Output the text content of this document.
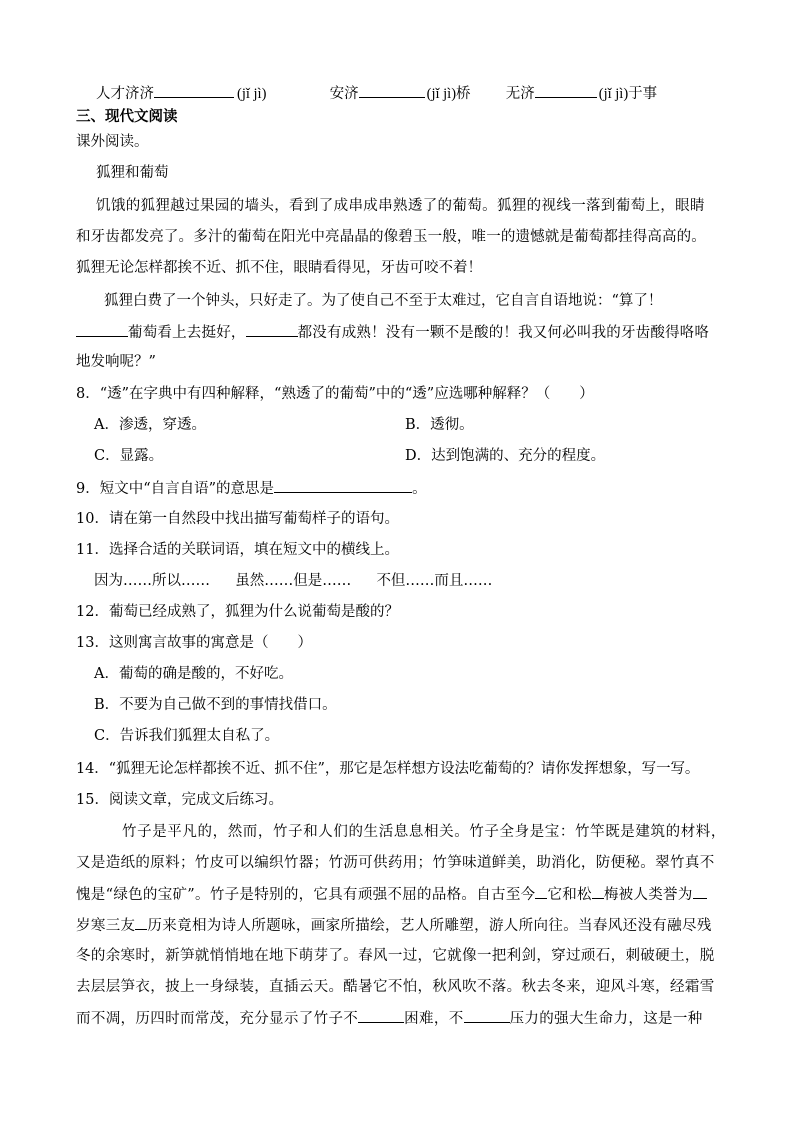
人才济济	(jǐ jì)	安济	(jǐ jì)桥 无济	(jǐ jì)于事
三、现代文阅读
课外阅读。
狐狸和葡萄
饥饿的狐狸越过果园的墙头，看到了成串成串熟透了的葡萄。狐狸的视线一落到葡萄上，眼睛
和牙齿都发亮了。多汁的葡萄在阳光中亮晶晶的像碧玉一般，唯一的遗憾就是葡萄都挂得高高的。
狐狸无论怎样都挨不近、抓不住，眼睛看得见，牙齿可咬不着！
狐狸白费了一个钟头，只好走了。为了使自己不至于太难过，它自言自语地说：“算了！
葡萄看上去挺好，	都没有成熟！没有一颗不是酸的！我又何必叫我的牙齿酸得咯咯
地发响呢？”
8．“透”在字典中有四种解释，“熟透了的葡萄”中的“透”应选哪种解释？（　　）
A．渗透，穿透。	B．透彻。
C．显露。	D．达到饱满的、充分的程度。
9．短文中“自言自语”的意思是	。
10．请在第一自然段中找出描写葡萄样子的语句。
11．选择合适的关联词语，填在短文中的横线上。
因为……所以…… 虽然……但是…… 不但……而且……
12．葡萄已经成熟了，狐狸为什么说葡萄是酸的？
13．这则寓言故事的寓意是（　　）
A．葡萄的确是酸的，不好吃。
B．不要为自己做不到的事情找借口。
C．告诉我们狐狸太自私了。
14．“狐狸无论怎样都挨不近、抓不住”，那它是怎样想方设法吃葡萄的？请你发挥想象，写一写。
15．阅读文章，完成文后练习。
竹子是平凡的，然而，竹子和人们的生活息息相关。竹子全身是宝：竹竿既是建筑的材料，
又是造纸的原料；竹皮可以编织竹器；竹沥可供药用；竹笋味道鲜美，助消化，防便秘。翠竹真不
愧是“绿色的宝矿”。竹子是特别的，它具有顽强不屈的品格。自古至今 它和松 梅被人类誉为
岁寒三友 历来竟相为诗人所题咏，画家所描绘，艺人所雕塑，游人所向往。当春风还没有融尽残
冬的余寒时，新笋就悄悄地在地下萌芽了。春风一过，它就像一把利剑，穿过顽石，刺破硬土，脱
去层层笋衣，披上一身绿装，直插云天。酷暑它不怕，秋风吹不落。秋去冬来，迎风斗寒，经霜雪
而不凋，历四时而常茂，充分显示了竹子不	困难，不	压力的强大生命力，这是一种
